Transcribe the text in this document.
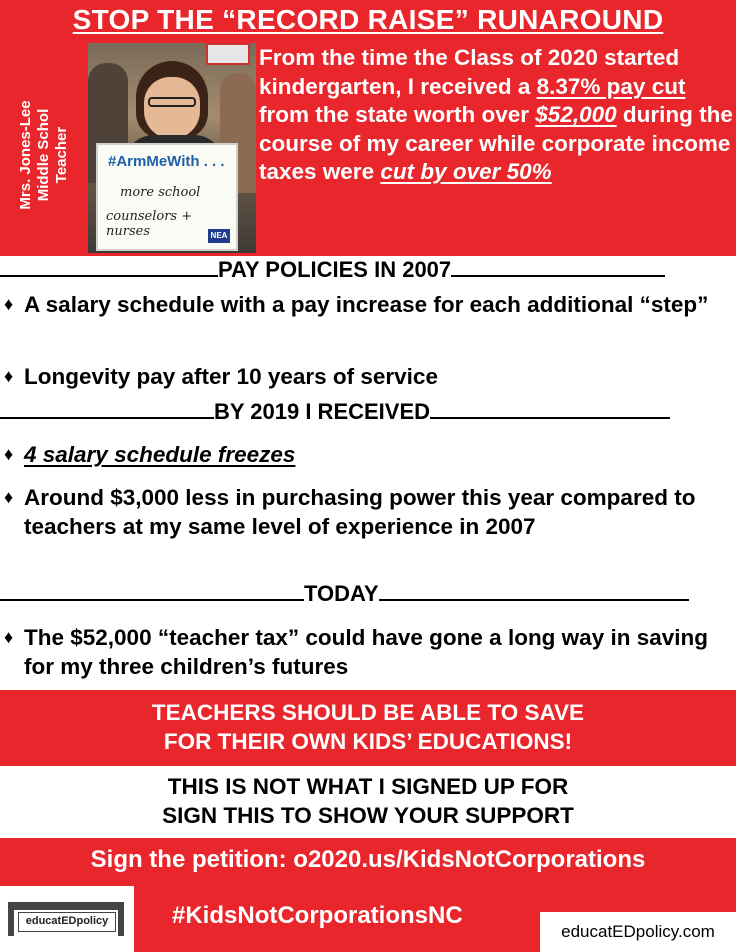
STOP THE “RECORD RAISE” RUNAROUND
Mrs. Jones-Lee Middle Schol Teacher	#ArmMeWith . . .
more school
counselors + nurses	NEA
From the time the Class of 2020 started kindergarten, I received a 8.37% pay cut from the state worth over $52,000 during the course of my career while corporate income taxes were cut by over 50%
PAY POLICIES IN 2007
♦ A salary schedule with a pay increase for each additional “step”
♦ Longevity pay after 10 years of service
BY 2019 I RECEIVED
♦ 4 salary schedule freezes
♦ Around $3,000 less in purchasing power this year compared to teachers at my same level of experience in 2007
TODAY
♦ The $52,000 “teacher tax” could have gone a long way in saving for my three children’s futures
TEACHERS SHOULD BE ABLE TO SAVE
FOR THEIR OWN KIDS’ EDUCATIONS!
THIS IS NOT WHAT I SIGNED UP FOR
SIGN THIS TO SHOW YOUR SUPPORT
Sign the petition: o2020.us/KidsNotCorporations
educatEDpolicy	#KidsNotCorporationsNC
educatEDpolicy.com
